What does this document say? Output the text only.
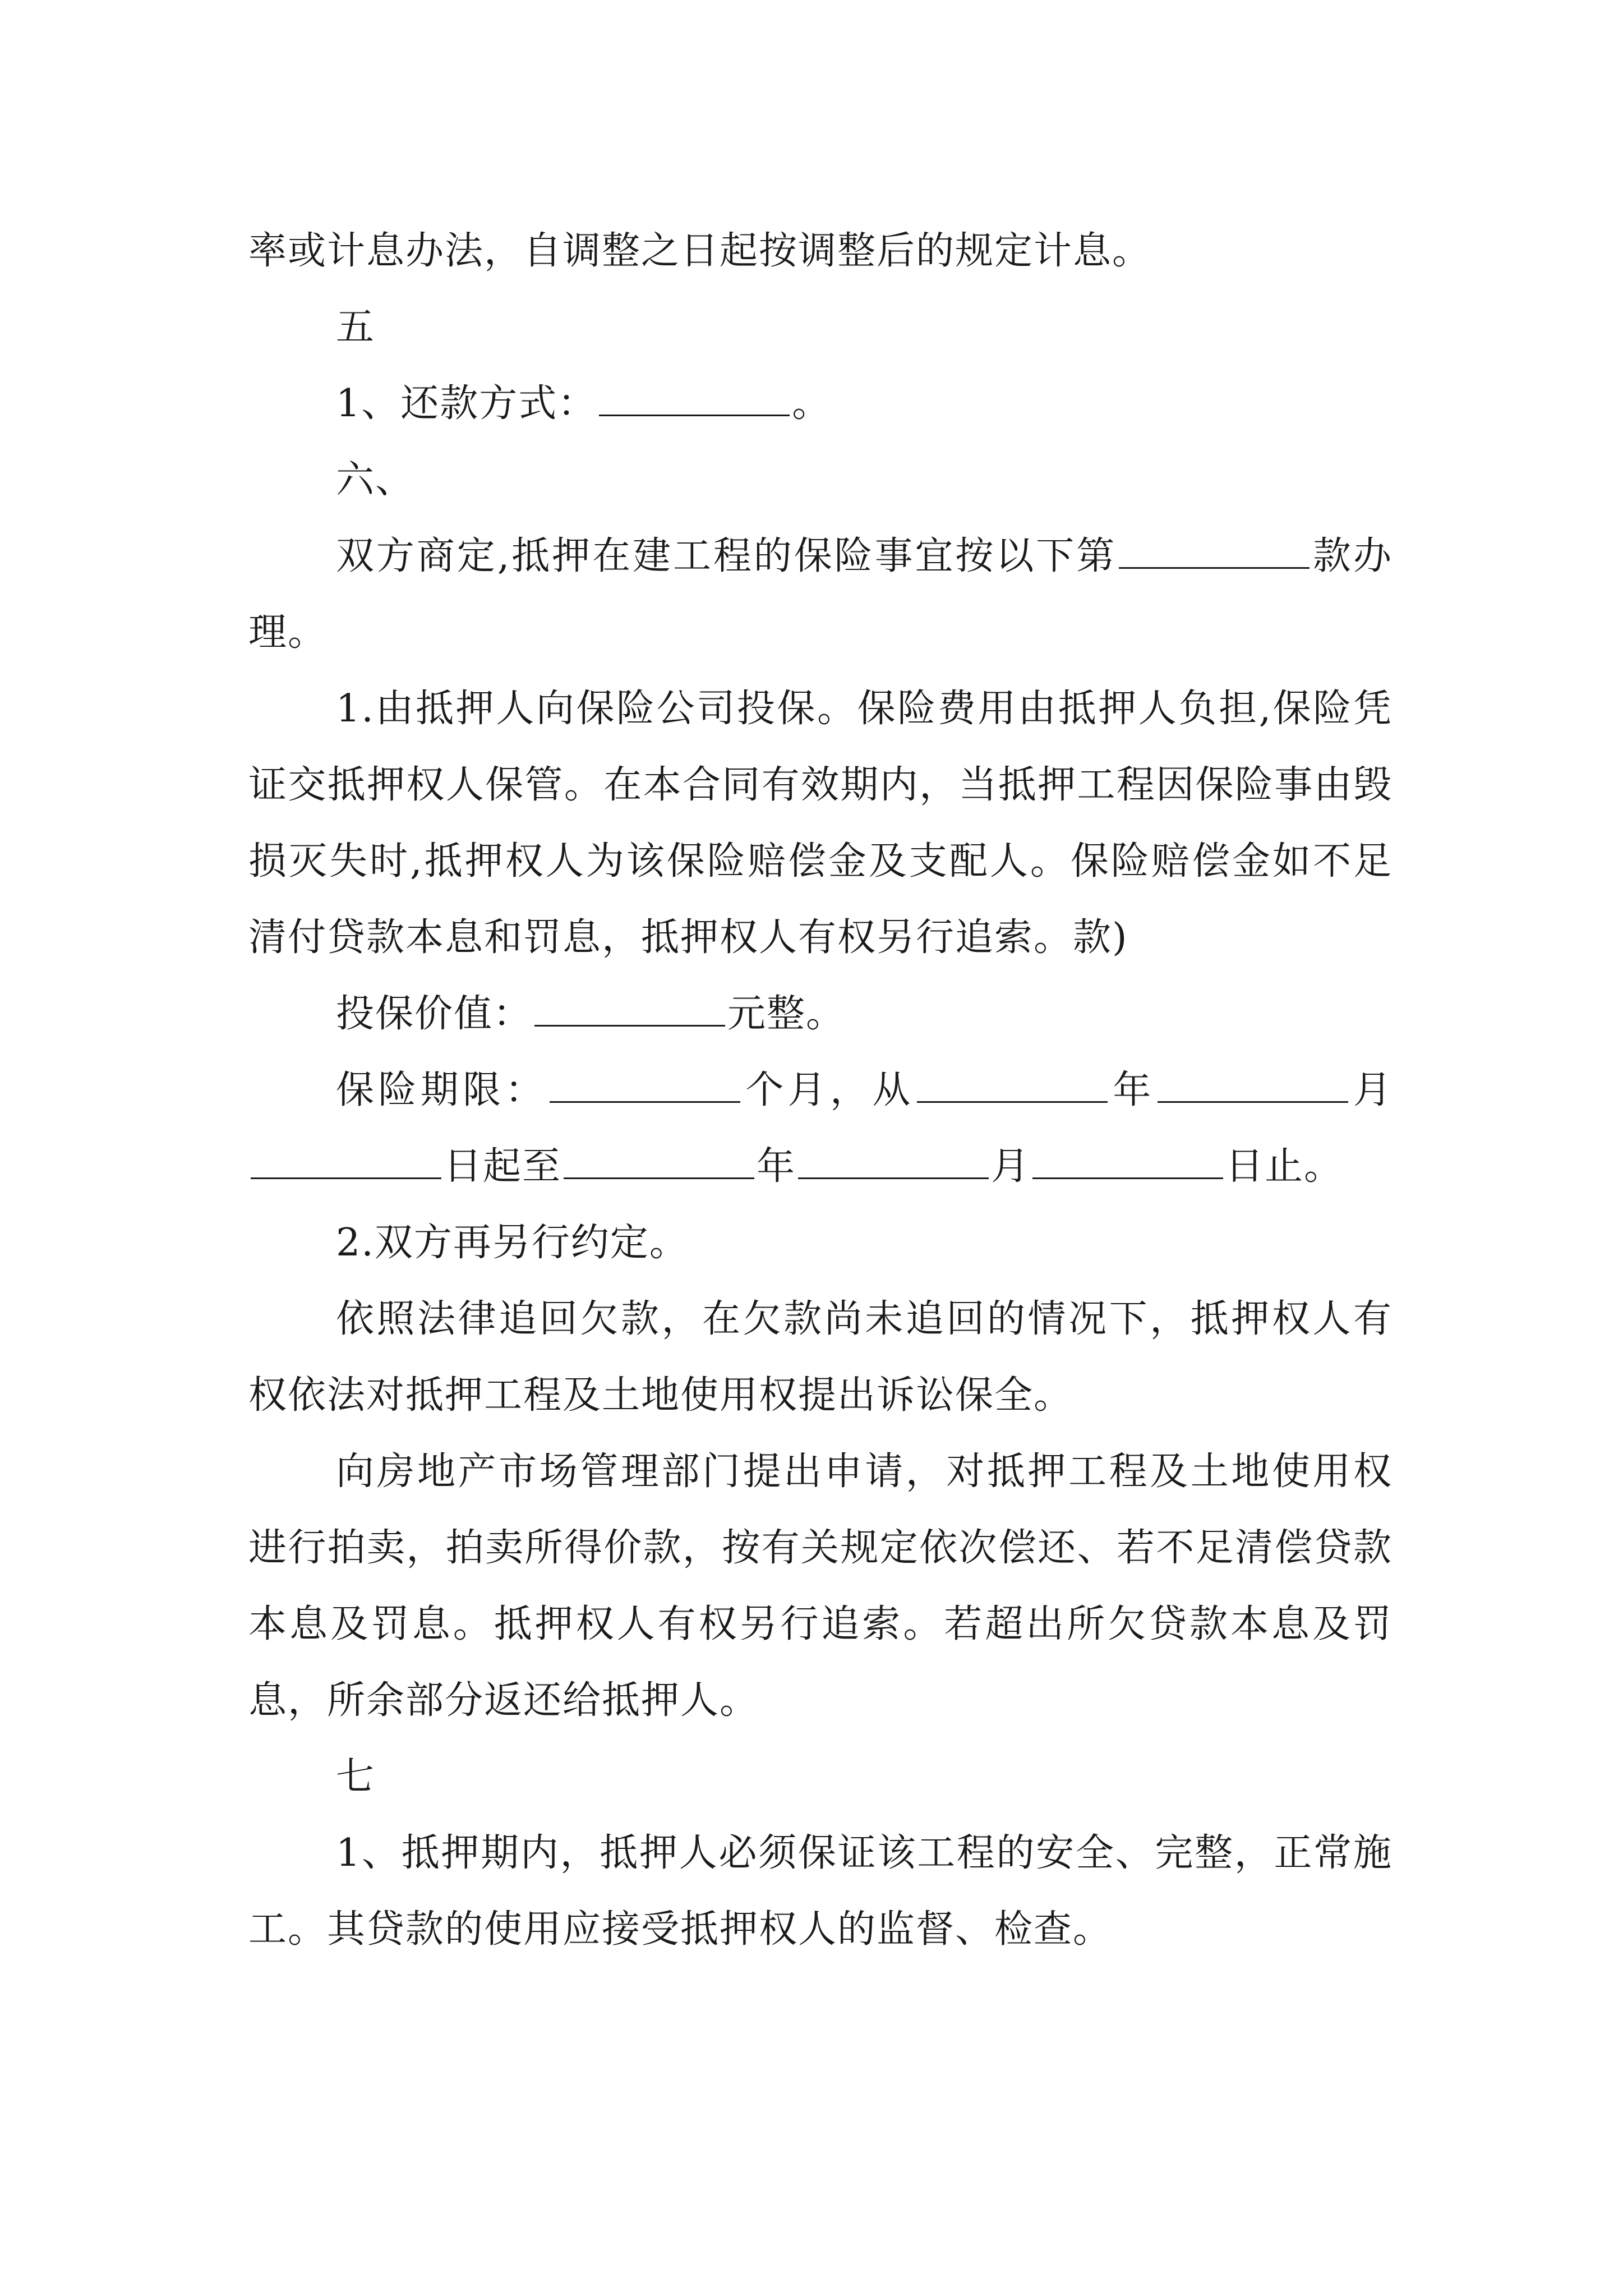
率或计息办法，自调整之日起按调整后的规定计息。

五

1、还款方式：	。

六、

双方商定,抵押在建工程的保险事宜按以下第	款办理。

1.由抵押人向保险公司投保。保险费用由抵押人负担,保险凭证交抵押权人保管。在本合同有效期内，当抵押工程因保险事由毁损灭失时,抵押权人为该保险赔偿金及支配人。保险赔偿金如不足清付贷款本息和罚息，抵押权人有权另行追索。款)

投保价值：	元整。

保险期限：	个月，从	年	月日起至	年	月	日止。

2.双方再另行约定。

依照法律追回欠款，在欠款尚未追回的情况下，抵押权人有权依法对抵押工程及土地使用权提出诉讼保全。

向房地产市场管理部门提出申请，对抵押工程及土地使用权进行拍卖，拍卖所得价款，按有关规定依次偿还、若不足清偿贷款本息及罚息。抵押权人有权另行追索。若超出所欠贷款本息及罚息，所余部分返还给抵押人。

七

1、抵押期内，抵押人必须保证该工程的安全、完整，正常施工。其贷款的使用应接受抵押权人的监督、检查。
